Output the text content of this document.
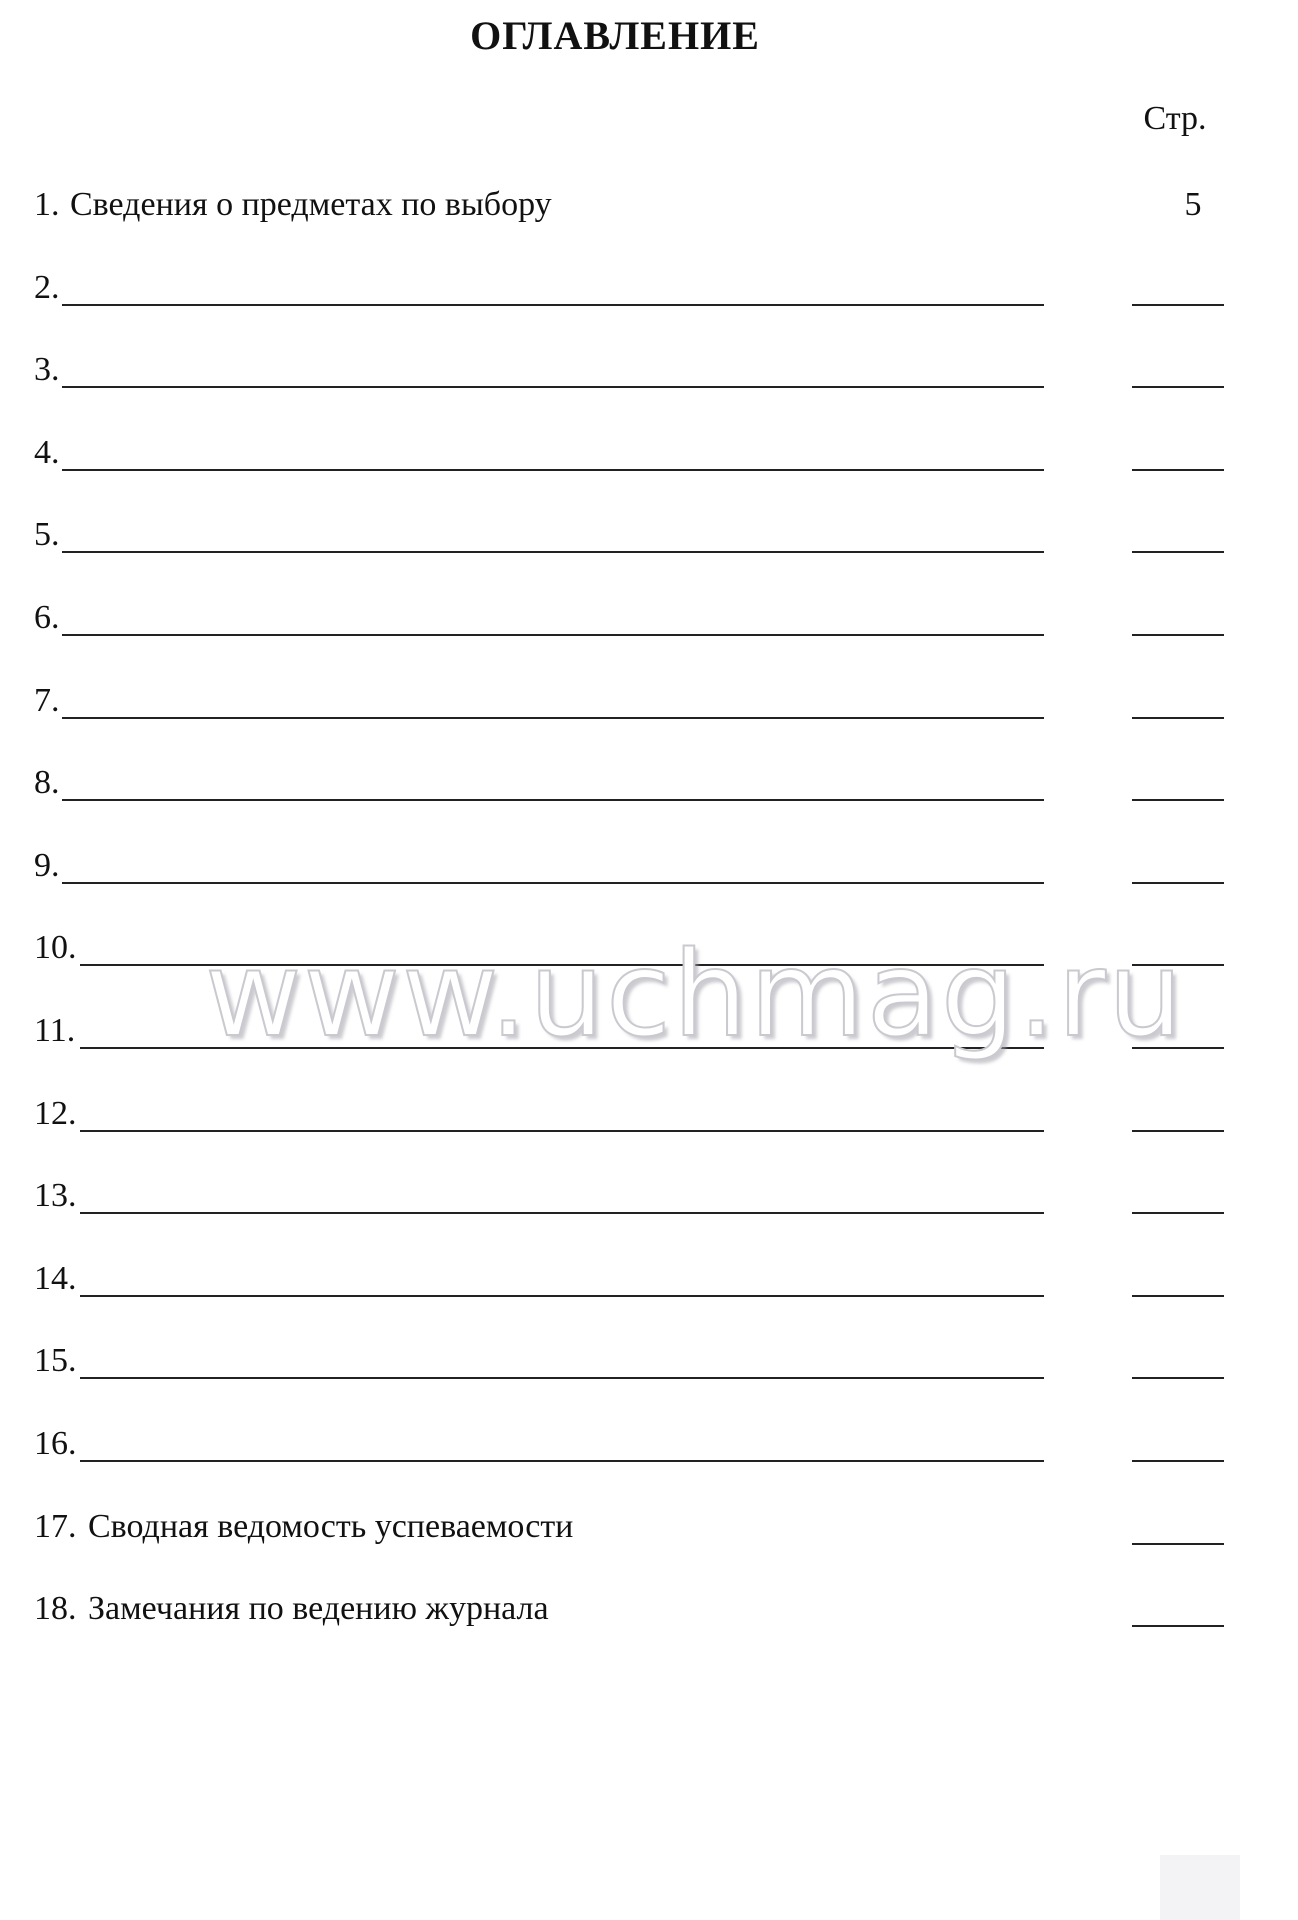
ОГЛАВЛЕНИЕ
Стр.
1. Сведения о предметах по выбору	5
2.
3.
4.
5.
6.
7.
8.
9.
10.
11.
12.
13.
14.
15.
16.
17. Сводная ведомость успеваемости
18. Замечания по ведению журнала
www.uchmag.ru
